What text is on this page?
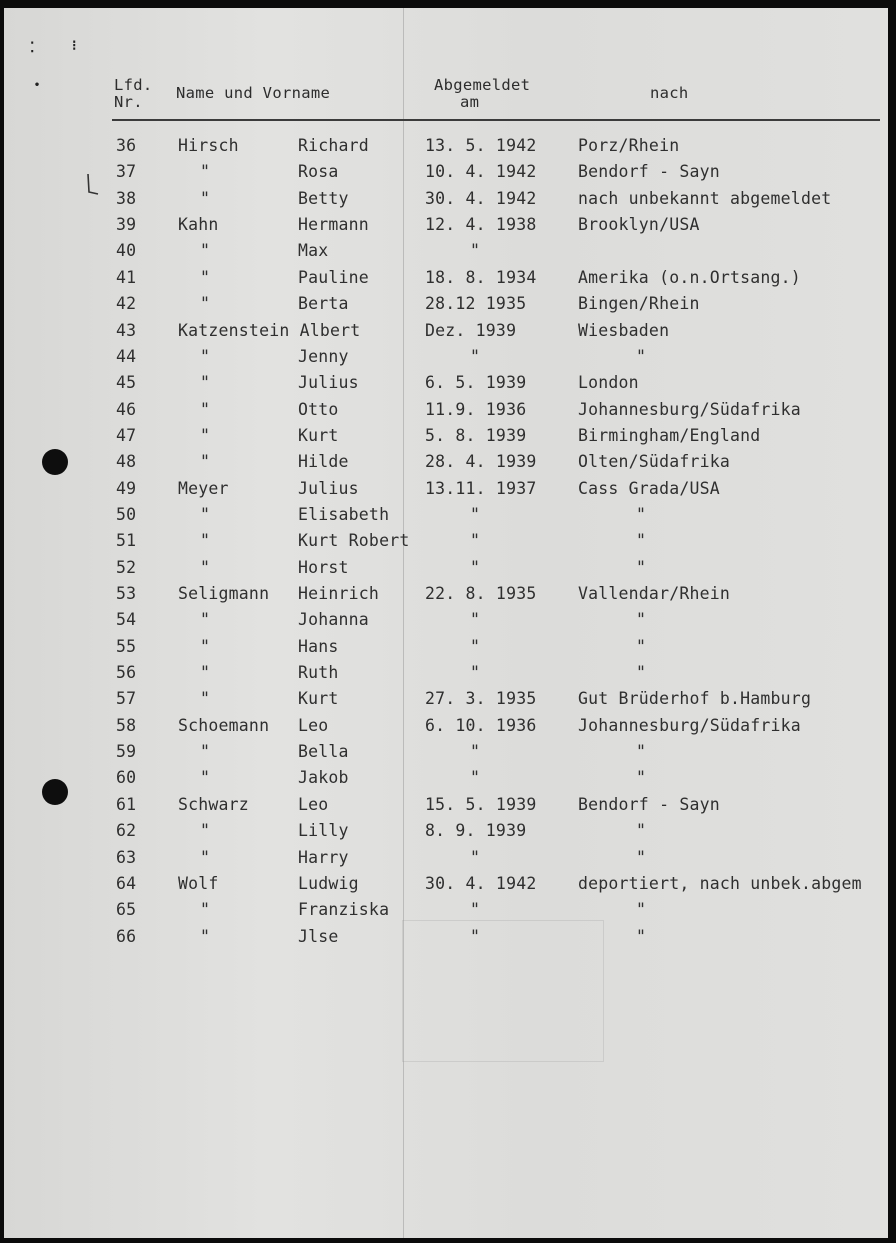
⁚	⁝
•	Lfd.
Nr.	Name und Vorname	Abgemeldet
am	nach
36	Hirsch	Richard	13. 5. 1942	Porz/Rhein
37	"	Rosa	10. 4. 1942	Bendorf - Sayn
38	"	Betty	30. 4. 1942	nach unbekannt abgemeldet
39	Kahn	Hermann	12. 4. 1938	Brooklyn/USA
40	"	Max	"
41	"	Pauline	18. 8. 1934	Amerika (o.n.Ortsang.)
42	"	Berta	28.12 1935	Bingen/Rhein
43	Katzenstein Albert	Dez. 1939	Wiesbaden
44	"	Jenny	"	"
45	"	Julius	6. 5. 1939	London
46	"	Otto	11.9. 1936	Johannesburg/Südafrika
47	"	Kurt	5. 8. 1939	Birmingham/England
48	"	Hilde	28. 4. 1939	Olten/Südafrika
49	Meyer	Julius	13.11. 1937	Cass Grada/USA
50	"	Elisabeth	"	"
51	"	Kurt Robert	"	"
52	"	Horst	"	"
53	Seligmann Heinrich	22. 8. 1935	Vallendar/Rhein
54	"	Johanna	"	"
55	"	Hans	"	"
56	"	Ruth	"	"
57	"	Kurt	27. 3. 1935	Gut Brüderhof b.Hamburg
58	Schoemann Leo	6. 10. 1936	Johannesburg/Südafrika
59	"	Bella	"	"
60	"	Jakob	"	"
61	Schwarz	Leo	15. 5. 1939	Bendorf - Sayn
62	"	Lilly	8. 9. 1939	"
63	"	Harry	"	"
64	Wolf	Ludwig	30. 4. 1942	deportiert, nach unbek.abgem
65	"	Franziska	"	"
66	"	Jlse	"	"
